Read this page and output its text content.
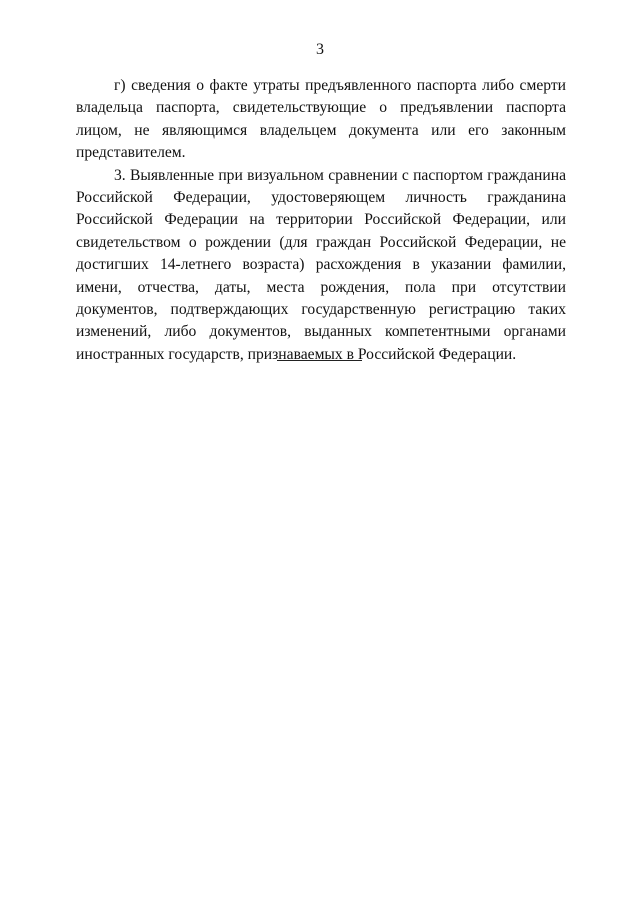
3

г) сведения о факте утраты предъявленного паспорта либо смерти владельца паспорта, свидетельствующие о предъявлении паспорта лицом, не являющимся владельцем документа или его законным представителем.

3. Выявленные при визуальном сравнении с паспортом гражданина Российской Федерации, удостоверяющем личность гражданина Российской Федерации на территории Российской Федерации, или свидетельством о рождении (для граждан Российской Федерации, не достигших 14-летнего возраста) расхождения в указании фамилии, имени, отчества, даты, места рождения, пола при отсутствии документов, подтверждающих государственную регистрацию таких изменений, либо документов, выданных компетентными органами иностранных государств, признаваемых в Российской Федерации.
